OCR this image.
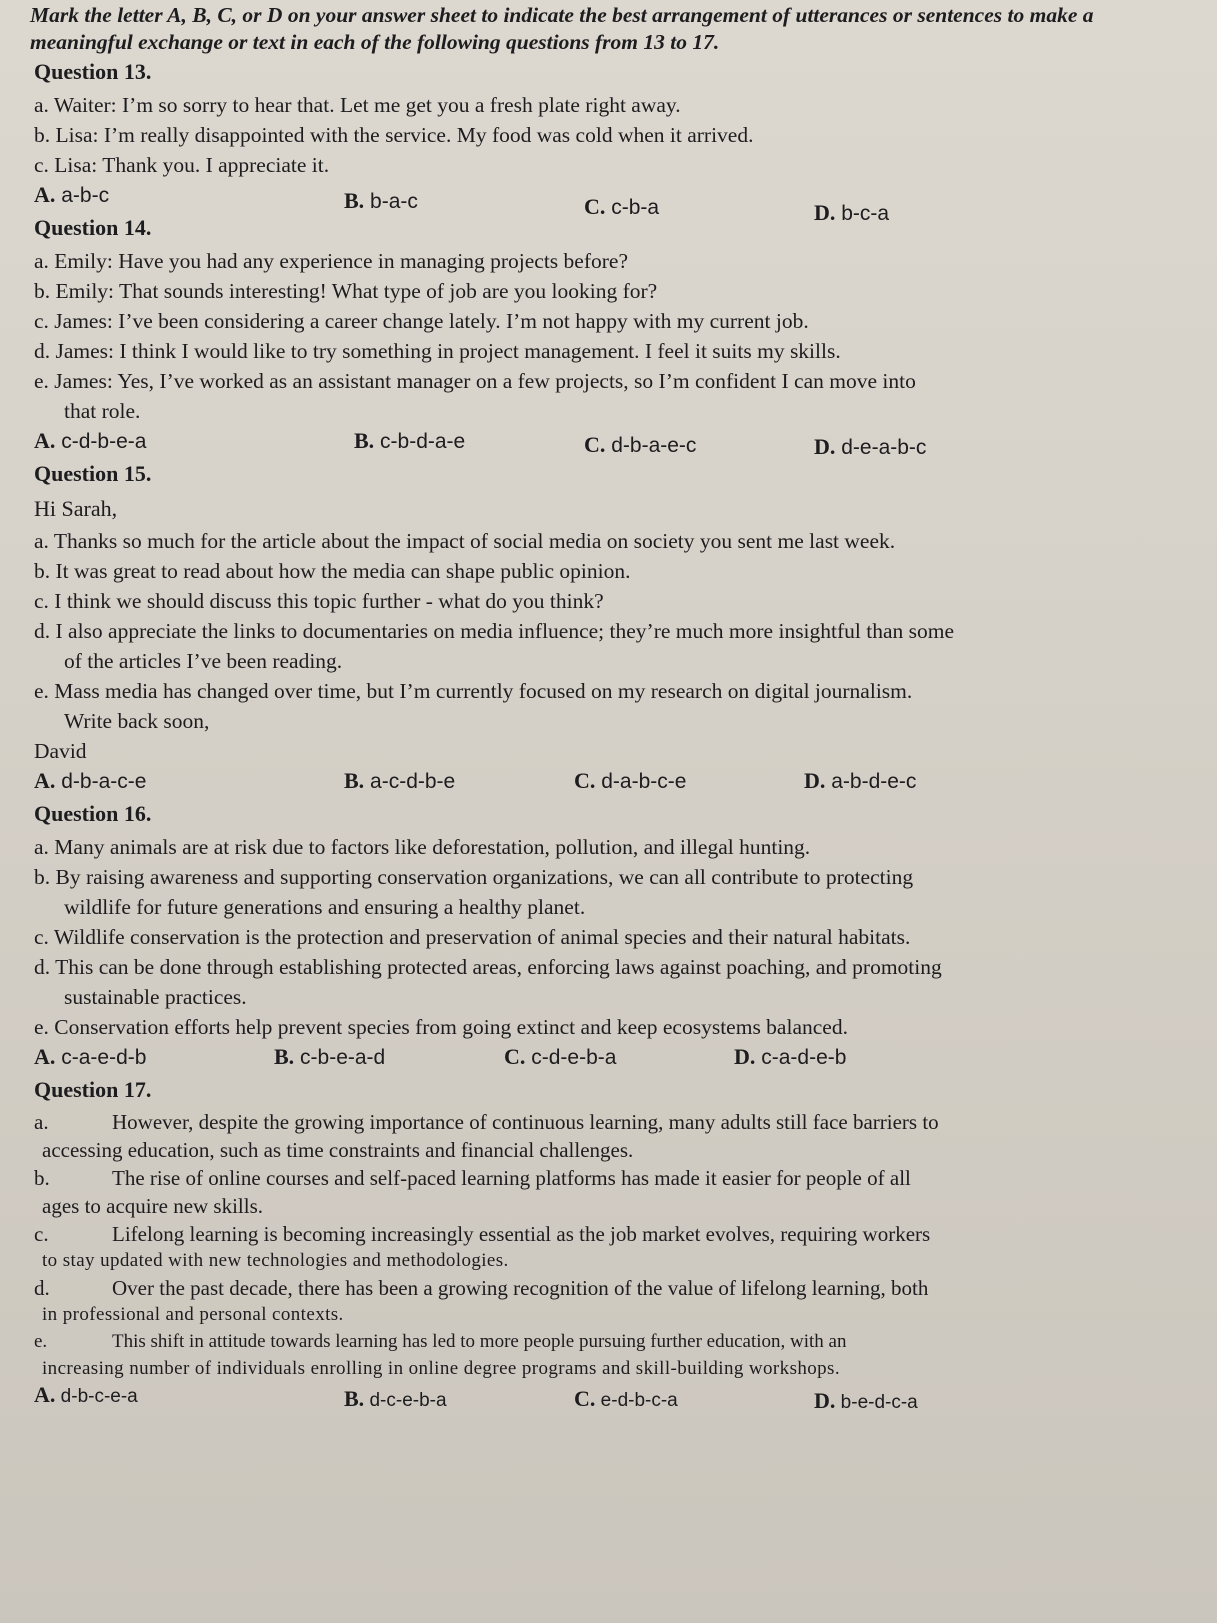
Mark the letter A, B, C, or D on your answer sheet to indicate the best arrangement of utterances or sentences to make a meaningful exchange or text in each of the following questions from 13 to 17.

Question 13.
a. Waiter: I’m so sorry to hear that. Let me get you a fresh plate right away.
b. Lisa: I’m really disappointed with the service. My food was cold when it arrived.
c. Lisa: Thank you. I appreciate it.
A. a-b-c	B. b-a-c	C. c-b-a	D. b-c-a
Question 14.
a. Emily: Have you had any experience in managing projects before?
b. Emily: That sounds interesting! What type of job are you looking for?
c. James: I’ve been considering a career change lately. I’m not happy with my current job.
d. James: I think I would like to try something in project management. I feel it suits my skills.
e. James: Yes, I’ve worked as an assistant manager on a few projects, so I’m confident I can move into
that role.
A. c-d-b-e-a	B. c-b-d-a-e	C. d-b-a-e-c	D. d-e-a-b-c
Question 15.
Hi Sarah,
a. Thanks so much for the article about the impact of social media on society you sent me last week.
b. It was great to read about how the media can shape public opinion.
c. I think we should discuss this topic further - what do you think?
d. I also appreciate the links to documentaries on media influence; they’re much more insightful than some
of the articles I’ve been reading.
e. Mass media has changed over time, but I’m currently focused on my research on digital journalism.
Write back soon,
David
A. d-b-a-c-e	B. a-c-d-b-e	C. d-a-b-c-e	D. a-b-d-e-c
Question 16.
a. Many animals are at risk due to factors like deforestation, pollution, and illegal hunting.
b. By raising awareness and supporting conservation organizations, we can all contribute to protecting
wildlife for future generations and ensuring a healthy planet.
c. Wildlife conservation is the protection and preservation of animal species and their natural habitats.
d. This can be done through establishing protected areas, enforcing laws against poaching, and promoting
sustainable practices.
e. Conservation efforts help prevent species from going extinct and keep ecosystems balanced.
A. c-a-e-d-b	B. c-b-e-a-d	C. c-d-e-b-a	D. c-a-d-e-b
Question 17.
a.	However, despite the growing importance of continuous learning, many adults still face barriers to
accessing education, such as time constraints and financial challenges.
b.	The rise of online courses and self-paced learning platforms has made it easier for people of all
ages to acquire new skills.
c.	Lifelong learning is becoming increasingly essential as the job market evolves, requiring workers
to stay updated with new technologies and methodologies.
d.	Over the past decade, there has been a growing recognition of the value of lifelong learning, both
in professional and personal contexts.
e.	This shift in attitude towards learning has led to more people pursuing further education, with an
increasing number of individuals enrolling in online degree programs and skill-building workshops.
A. d-b-c-e-a	B. d-c-e-b-a	C. e-d-b-c-a	D. b-e-d-c-a
